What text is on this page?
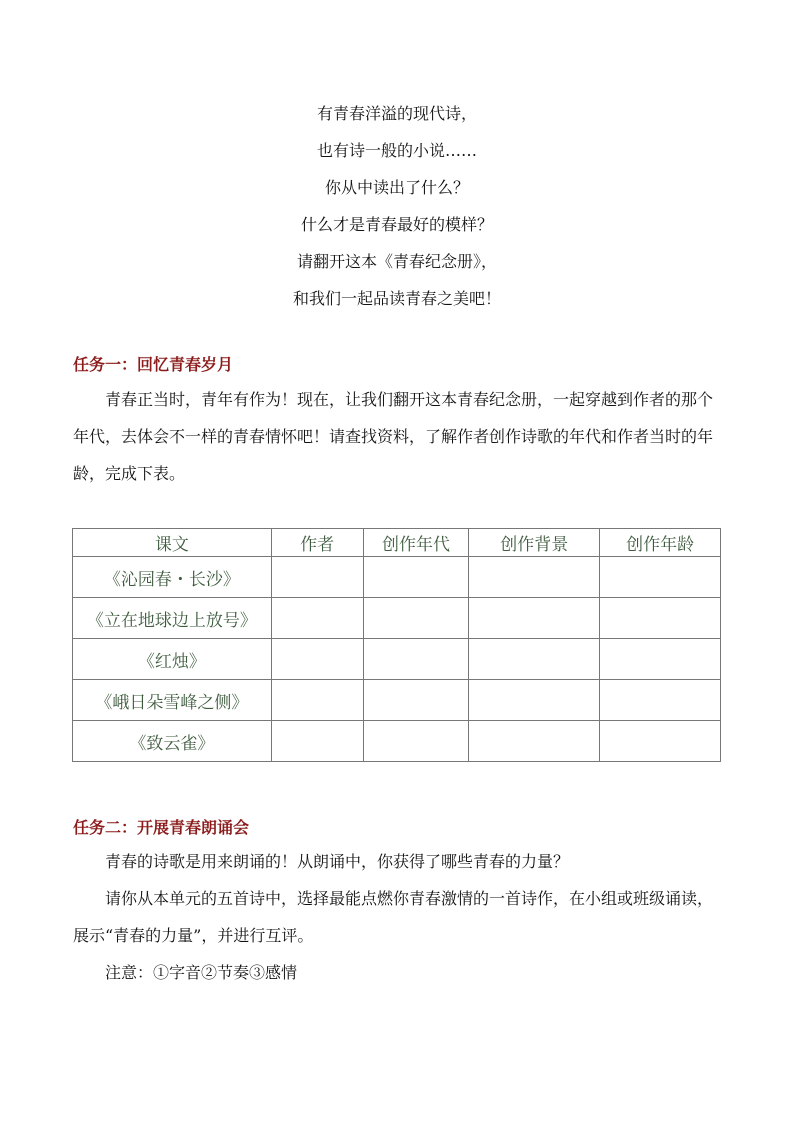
有青春洋溢的现代诗，
也有诗一般的小说……
你从中读出了什么？
什么才是青春最好的模样？
请翻开这本《青春纪念册》，
和我们一起品读青春之美吧！
任务一：回忆青春岁月
青春正当时，青年有作为！现在，让我们翻开这本青春纪念册，一起穿越到作者的那个年代，去体会不一样的青春情怀吧！请查找资料，了解作者创作诗歌的年代和作者当时的年龄，完成下表。
课文	作者	创作年代	创作背景	创作年龄
《沁园春・长沙》				
《立在地球边上放号》				
《红烛》				
《峨日朵雪峰之侧》				
《致云雀》				
任务二：开展青春朗诵会
青春的诗歌是用来朗诵的！从朗诵中，你获得了哪些青春的力量？
请你从本单元的五首诗中，选择最能点燃你青春激情的一首诗作，在小组或班级诵读，展示“青春的力量”，并进行互评。
注意：①字音②节奏③感情
